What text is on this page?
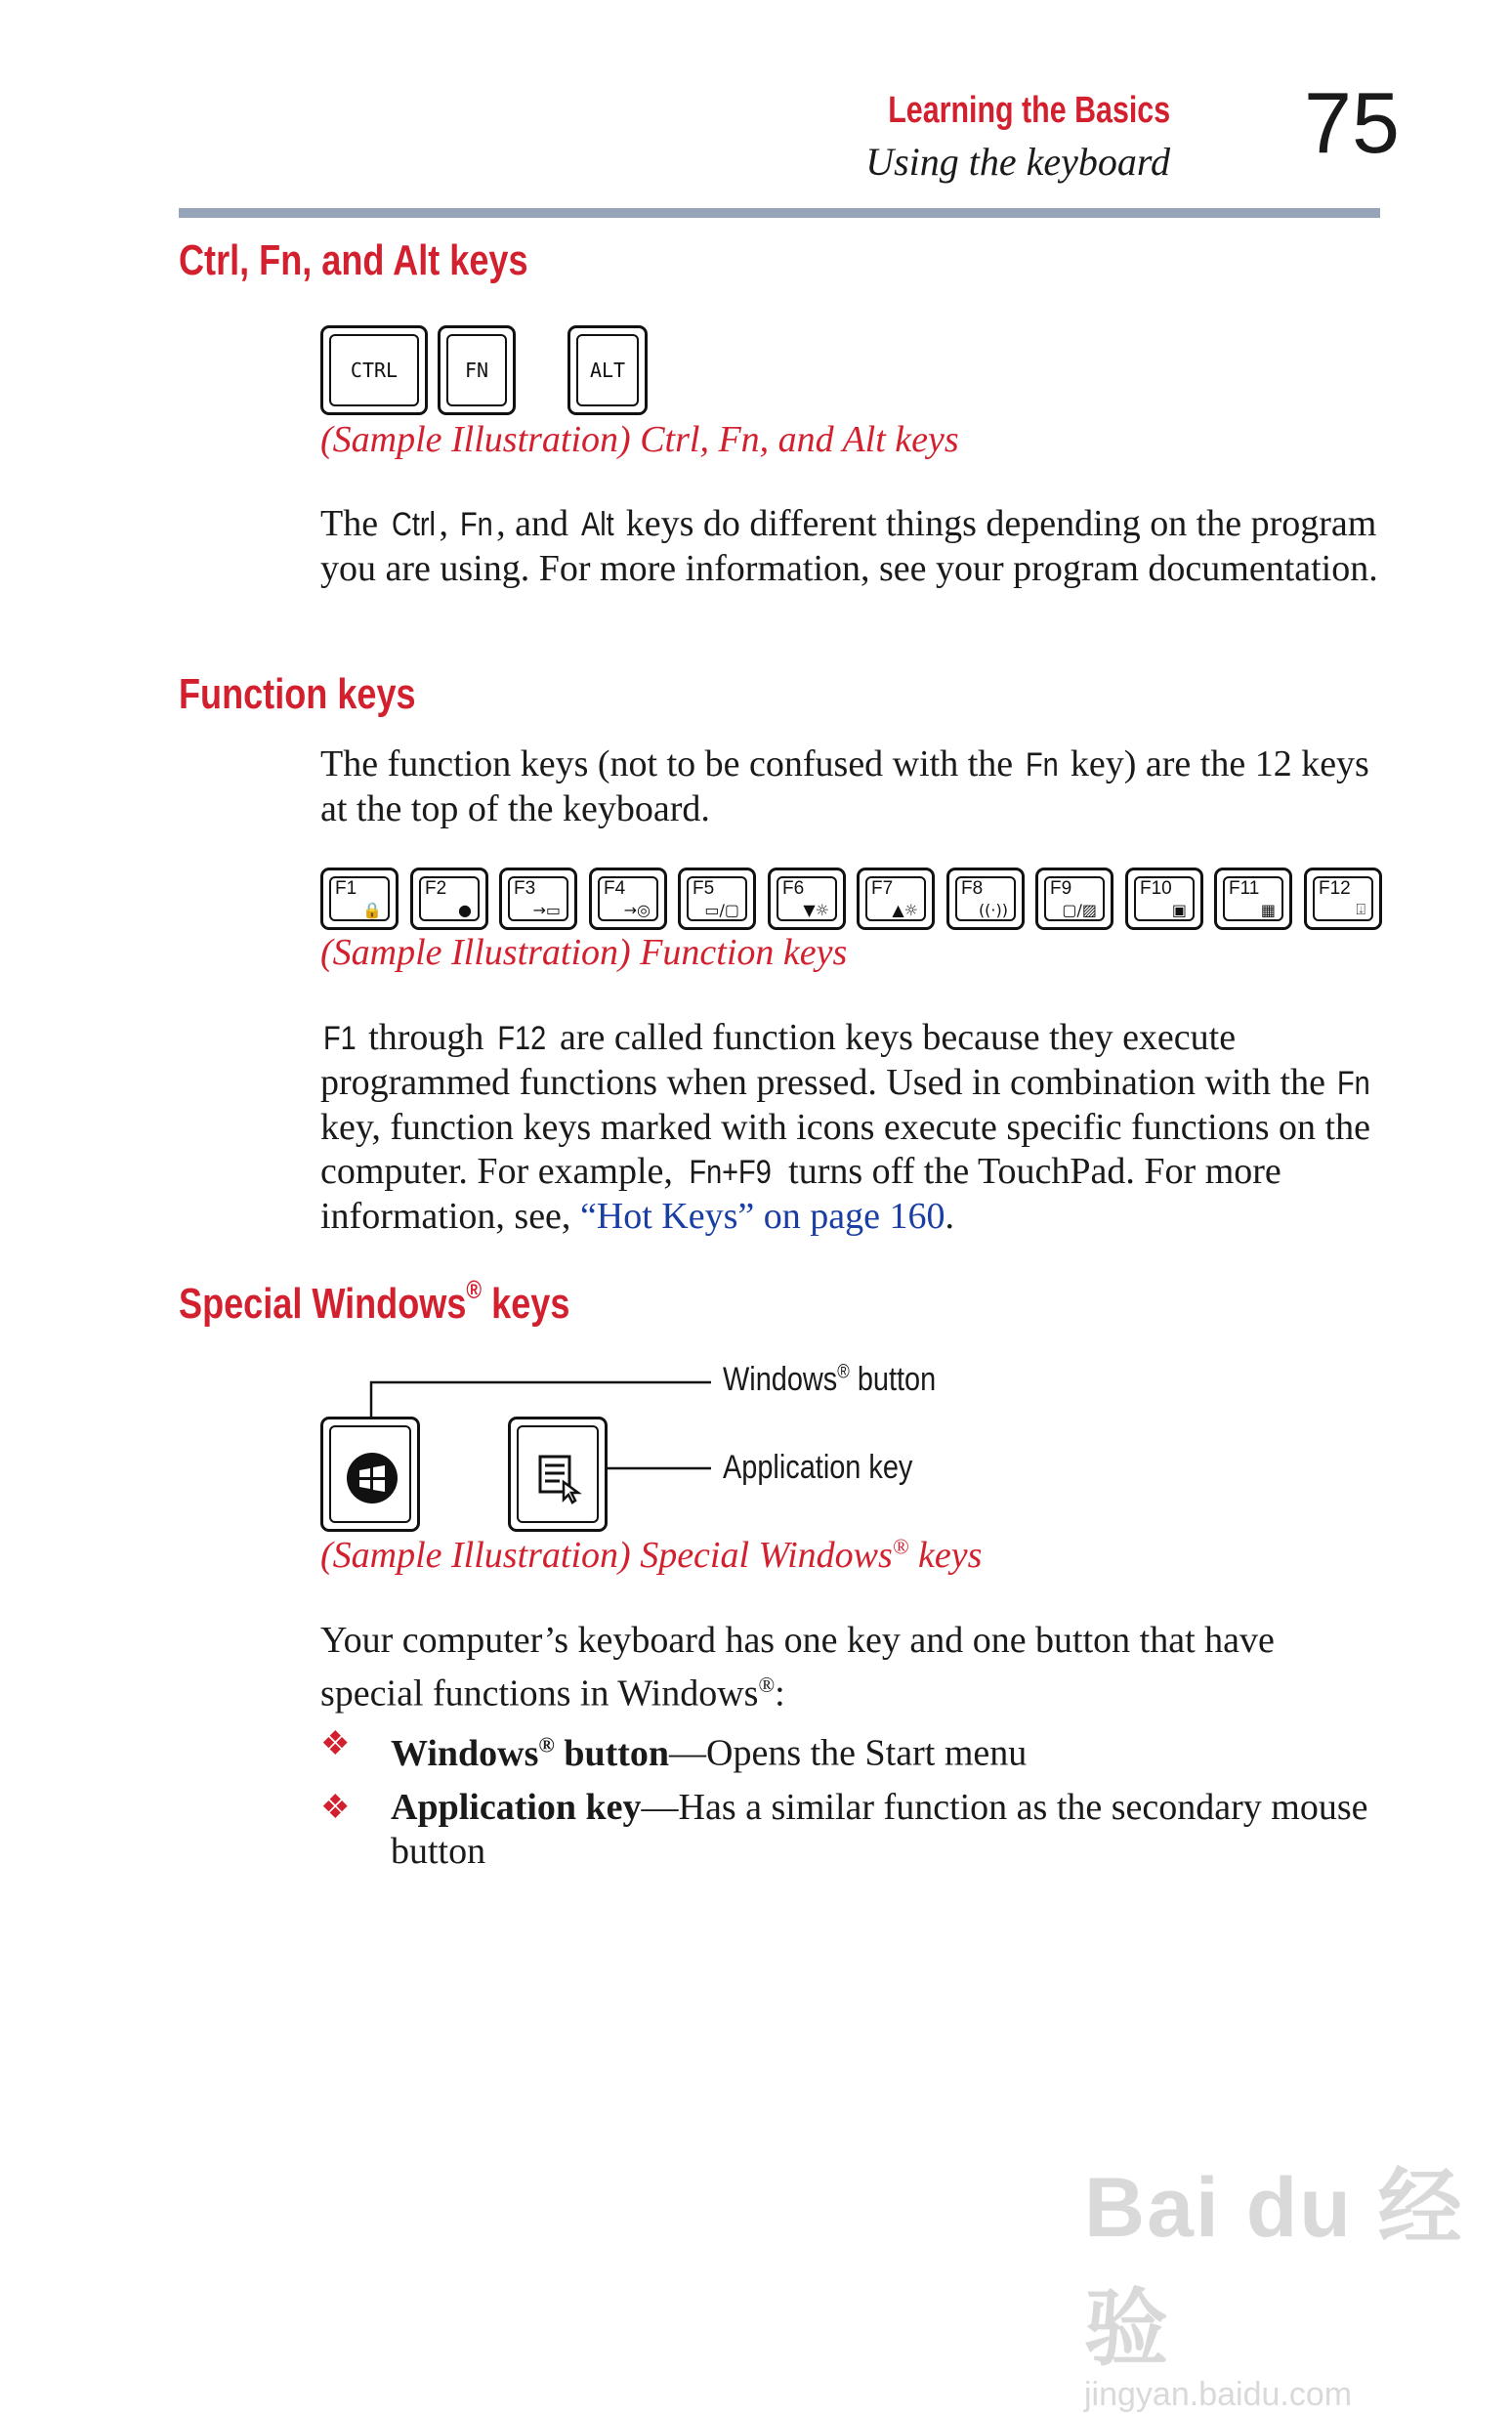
Learning the Basics
Using the keyboard 75
Ctrl, Fn, and Alt keys
CTRL	FN	ALT
(Sample Illustration) Ctrl, Fn, and Alt keys

The Ctrl , Fn, and Alt keys do different things depending on the program you are using. For more information, see your program documentation.

Function keys

The function keys (not to be confused with the Fn key) are the 12 keys at the top of the keyboard.

F1
🔒
F2
●
F3
→▭
F4
→◎
F5
▭/▢
F6
▼☼
F7
▲☼
F8
((·))
F9
▢/▨
F10
▣
F11
▦
F12
⍗
(Sample Illustration) Function keys

F1 through F12 are called function keys because they execute programmed functions when pressed. Used in combination with the Fn key, function keys marked with icons execute specific functions on the computer. For example, Fn+F9 turns off the TouchPad. For more information, see, “Hot Keys” on page 160.

Special Windows® keys
Windows® button
Application key
(Sample Illustration) Special Windows® keys

Your computer’s keyboard has one key and one button that have special functions in Windows®:

❖ Windows® button—Opens the Start menu

❖ Application key—Has a similar function as the secondary mouse button

Bai du 经验
jingyan.baidu.com
